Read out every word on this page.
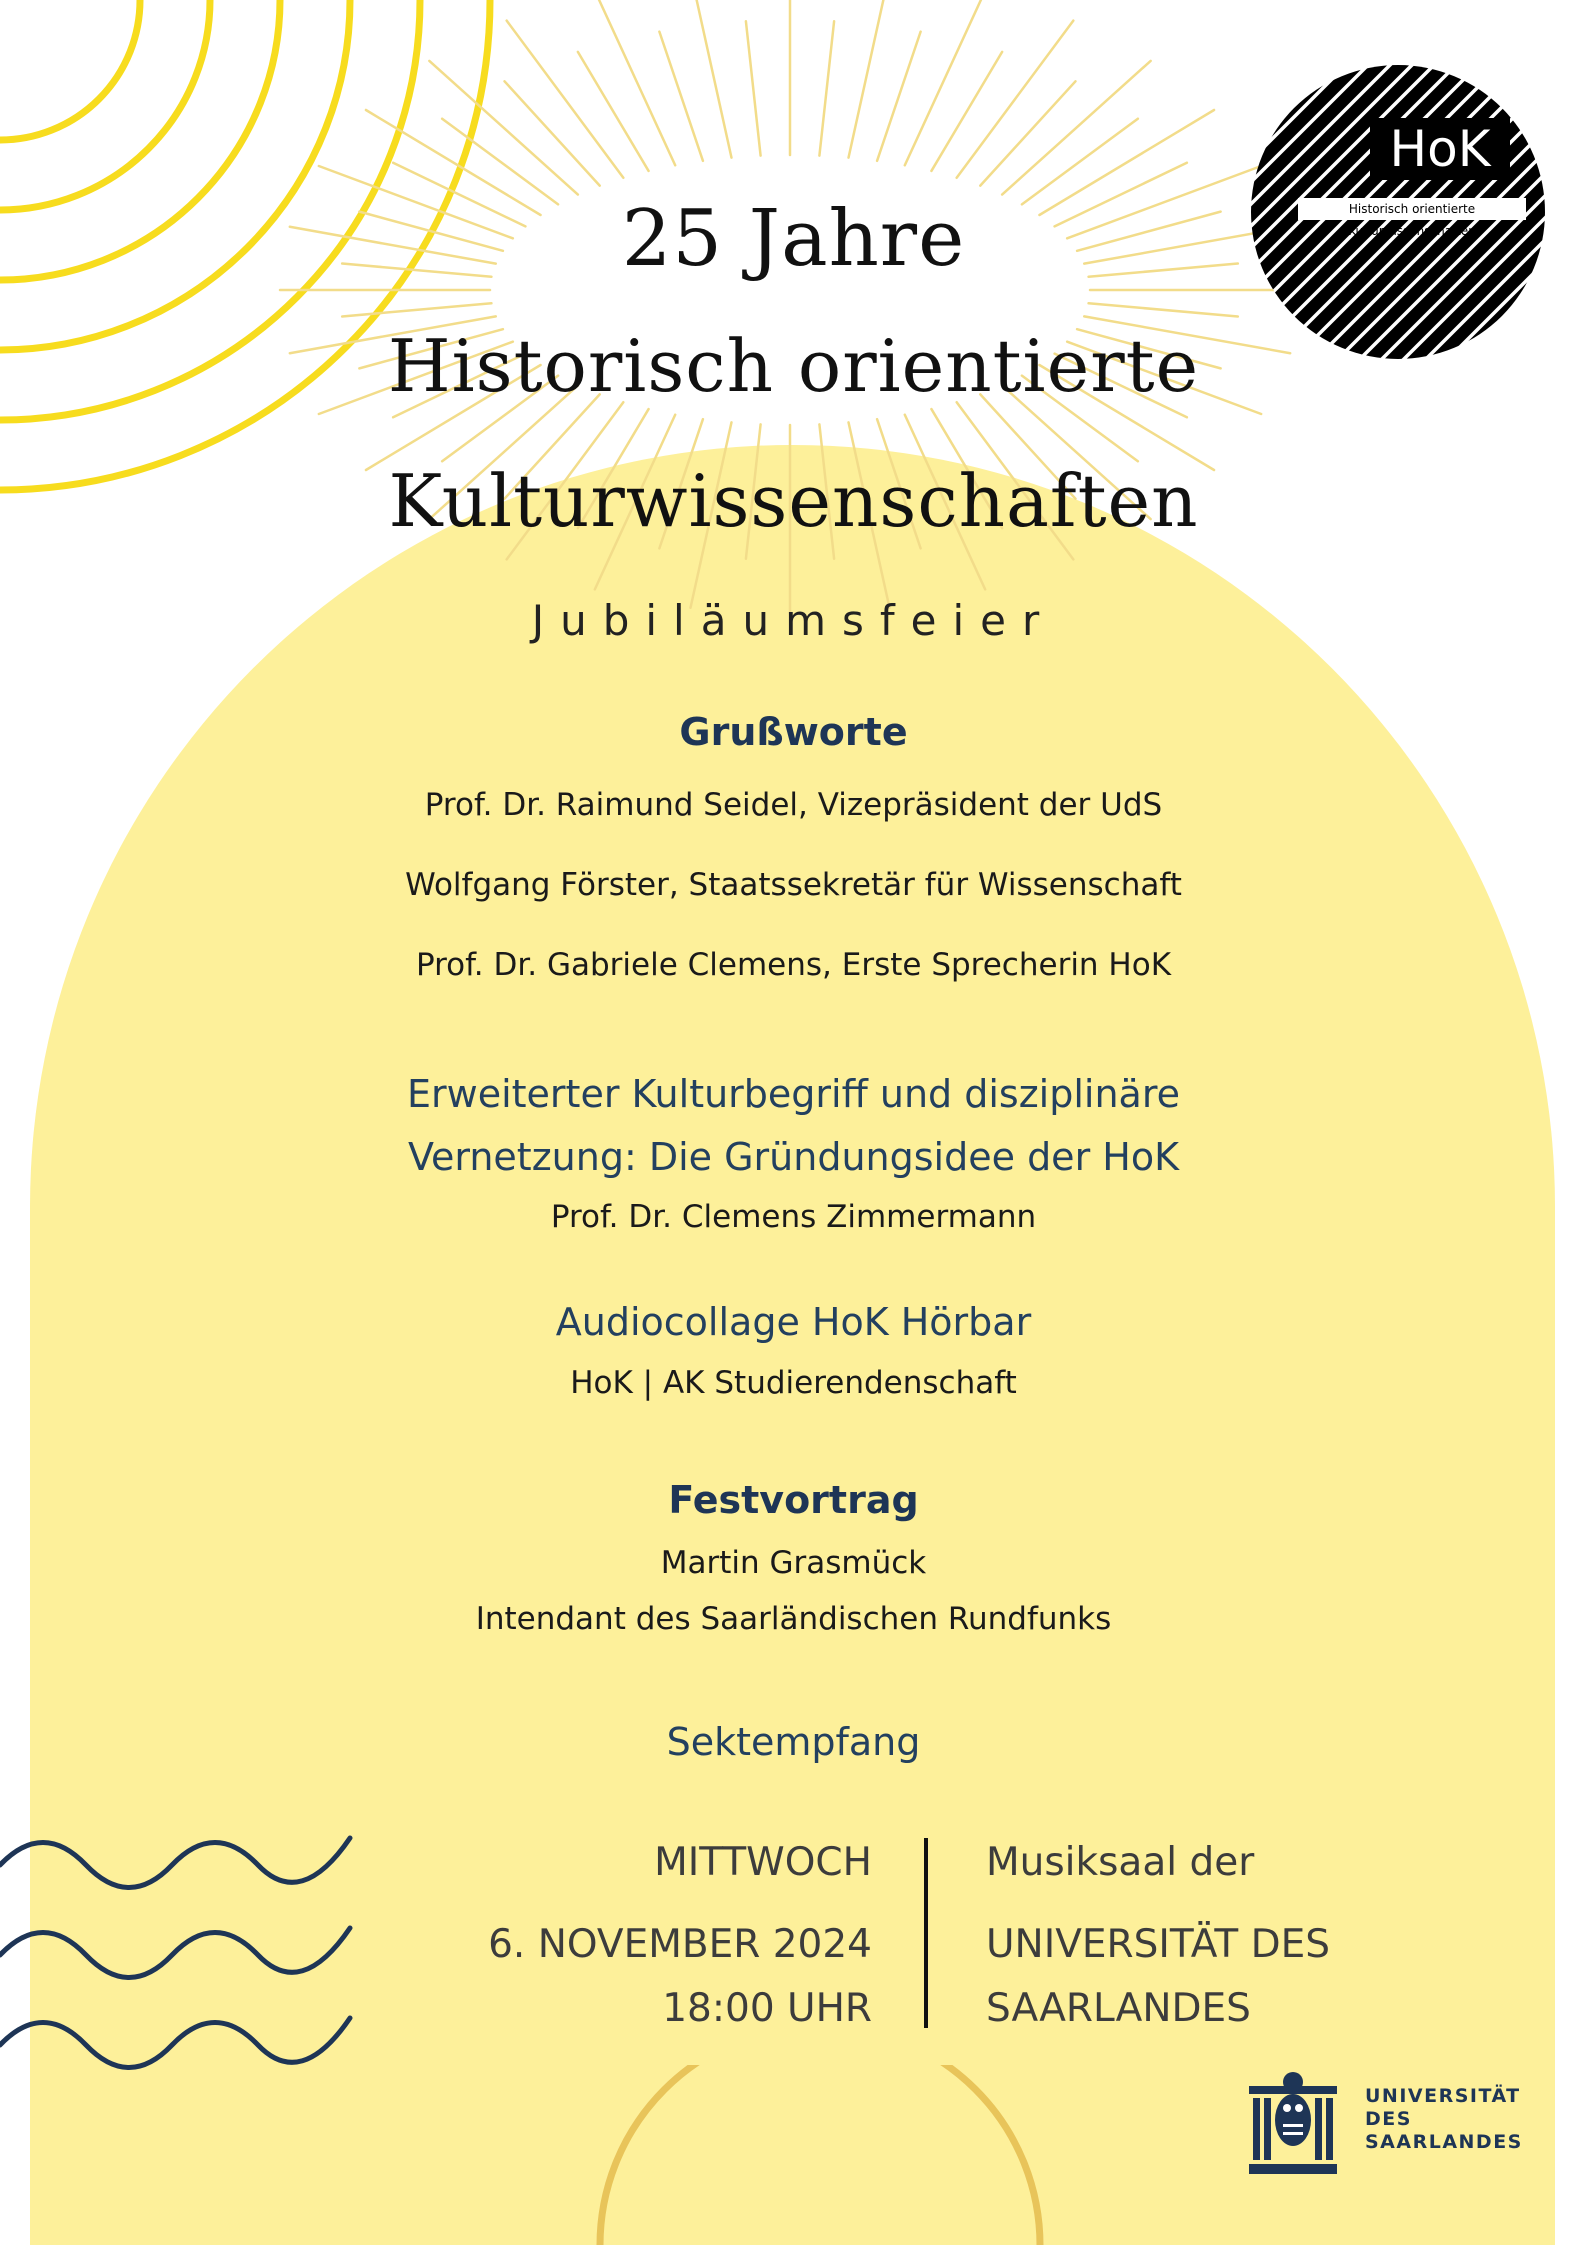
HoK
Historisch orientierte Kulturwissenschaften
25 Jahre
Historisch orientierte
Kulturwissenschaften
Jubiläumsfeier
Grußworte
Prof. Dr. Raimund Seidel, Vizepräsident der UdS
Wolfgang Förster, Staatssekretär für Wissenschaft
Prof. Dr. Gabriele Clemens, Erste Sprecherin HoK
Erweiterter Kulturbegriff und disziplinäre
Vernetzung: Die Gründungsidee der HoK
Prof. Dr. Clemens Zimmermann
Audiocollage HoK Hörbar
HoK | AK Studierendenschaft
Festvortrag
Martin Grasmück
Intendant des Saarländischen Rundfunks
Sektempfang
MITTWOCH
6. NOVEMBER 2024
18:00 UHR
Musiksaal der
UNIVERSITÄT DES
SAARLANDES
UNIVERSITÄT
DES
SAARLANDES
